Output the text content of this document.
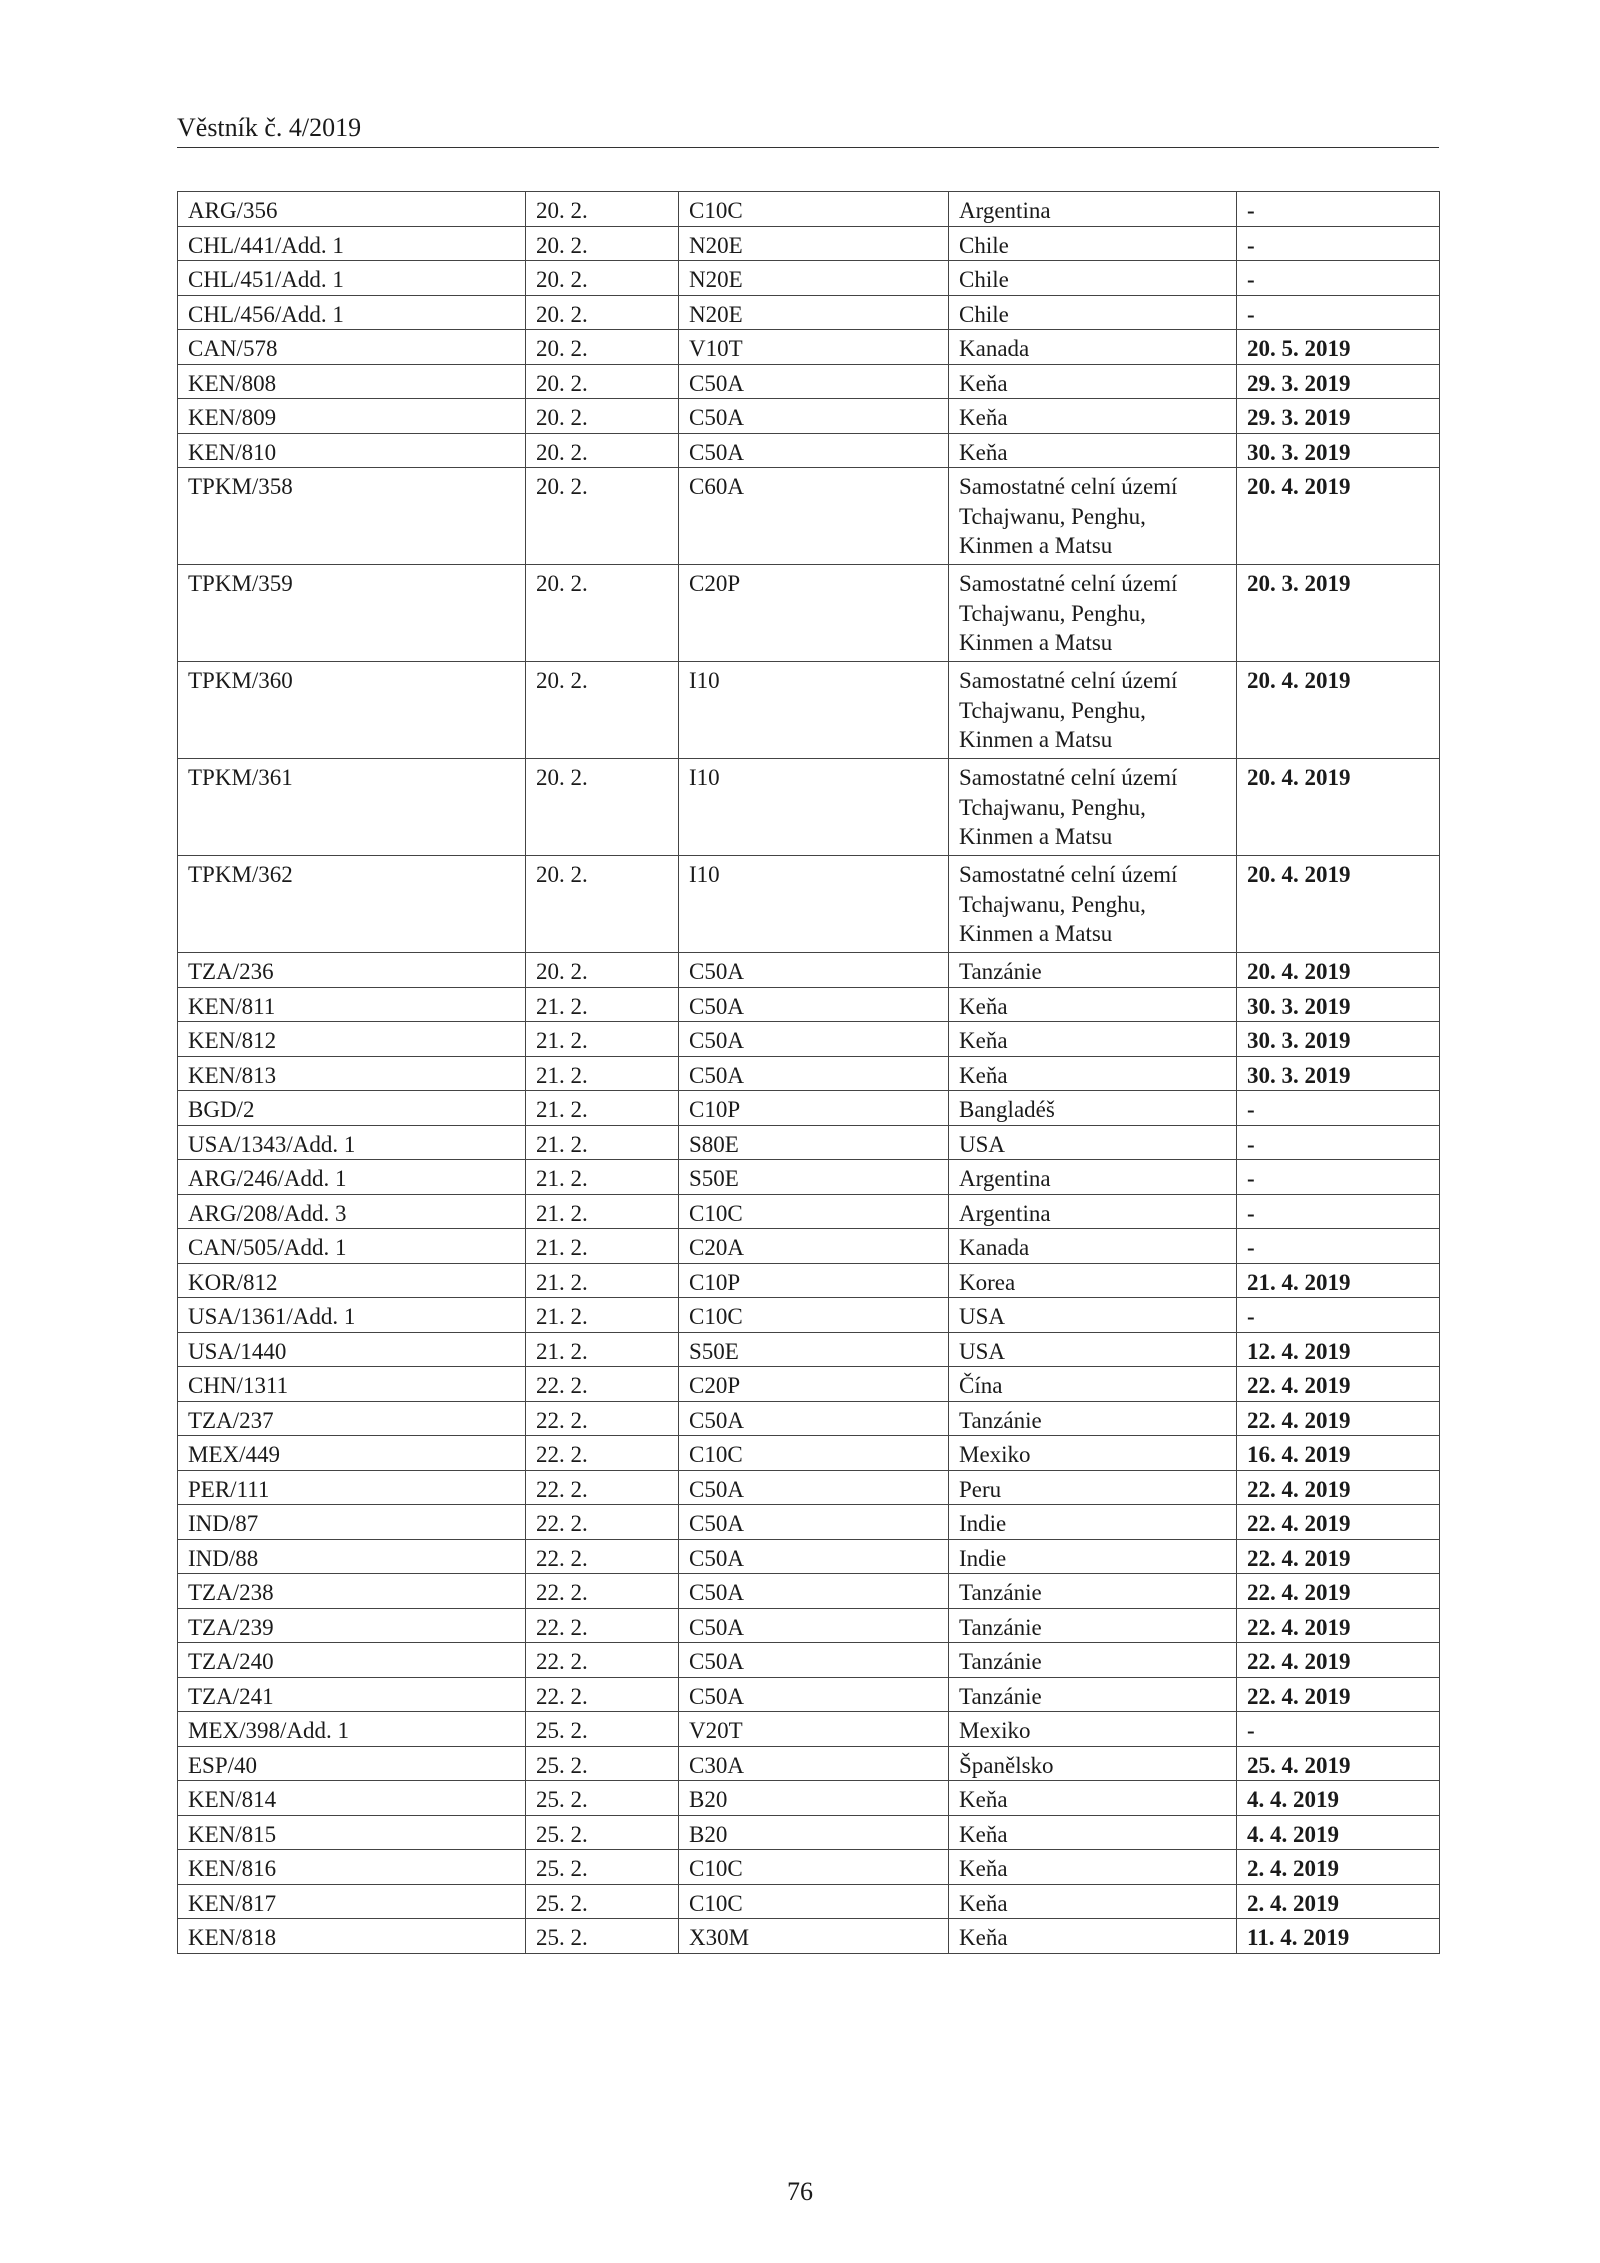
Věstník č. 4/2019
ARG/356	20. 2.	C10C	Argentina	-
CHL/441/Add. 1	20. 2.	N20E	Chile	-
CHL/451/Add. 1	20. 2.	N20E	Chile	-
CHL/456/Add. 1	20. 2.	N20E	Chile	-
CAN/578	20. 2.	V10T	Kanada	20. 5. 2019
KEN/808	20. 2.	C50A	Keňa	29. 3. 2019
KEN/809	20. 2.	C50A	Keňa	29. 3. 2019
KEN/810	20. 2.	C50A	Keňa	30. 3. 2019
TPKM/358	20. 2.	C60A	Samostatné celní území
Tchajwanu, Penghu,
Kinmen a Matsu	20. 4. 2019
TPKM/359	20. 2.	C20P	Samostatné celní území
Tchajwanu, Penghu,
Kinmen a Matsu	20. 3. 2019
TPKM/360	20. 2.	I10	Samostatné celní území
Tchajwanu, Penghu,
Kinmen a Matsu	20. 4. 2019
TPKM/361	20. 2.	I10	Samostatné celní území
Tchajwanu, Penghu,
Kinmen a Matsu	20. 4. 2019
TPKM/362	20. 2.	I10	Samostatné celní území
Tchajwanu, Penghu,
Kinmen a Matsu	20. 4. 2019
TZA/236	20. 2.	C50A	Tanzánie	20. 4. 2019
KEN/811	21. 2.	C50A	Keňa	30. 3. 2019
KEN/812	21. 2.	C50A	Keňa	30. 3. 2019
KEN/813	21. 2.	C50A	Keňa	30. 3. 2019
BGD/2	21. 2.	C10P	Bangladéš	-
USA/1343/Add. 1	21. 2.	S80E	USA	-
ARG/246/Add. 1	21. 2.	S50E	Argentina	-
ARG/208/Add. 3	21. 2.	C10C	Argentina	-
CAN/505/Add. 1	21. 2.	C20A	Kanada	-
KOR/812	21. 2.	C10P	Korea	21. 4. 2019
USA/1361/Add. 1	21. 2.	C10C	USA	-
USA/1440	21. 2.	S50E	USA	12. 4. 2019
CHN/1311	22. 2.	C20P	Čína	22. 4. 2019
TZA/237	22. 2.	C50A	Tanzánie	22. 4. 2019
MEX/449	22. 2.	C10C	Mexiko	16. 4. 2019
PER/111	22. 2.	C50A	Peru	22. 4. 2019
IND/87	22. 2.	C50A	Indie	22. 4. 2019
IND/88	22. 2.	C50A	Indie	22. 4. 2019
TZA/238	22. 2.	C50A	Tanzánie	22. 4. 2019
TZA/239	22. 2.	C50A	Tanzánie	22. 4. 2019
TZA/240	22. 2.	C50A	Tanzánie	22. 4. 2019
TZA/241	22. 2.	C50A	Tanzánie	22. 4. 2019
MEX/398/Add. 1	25. 2.	V20T	Mexiko	-
ESP/40	25. 2.	C30A	Španělsko	25. 4. 2019
KEN/814	25. 2.	B20	Keňa	4. 4. 2019
KEN/815	25. 2.	B20	Keňa	4. 4. 2019
KEN/816	25. 2.	C10C	Keňa	2. 4. 2019
KEN/817	25. 2.	C10C	Keňa	2. 4. 2019
KEN/818	25. 2.	X30M	Keňa	11. 4. 2019
76
